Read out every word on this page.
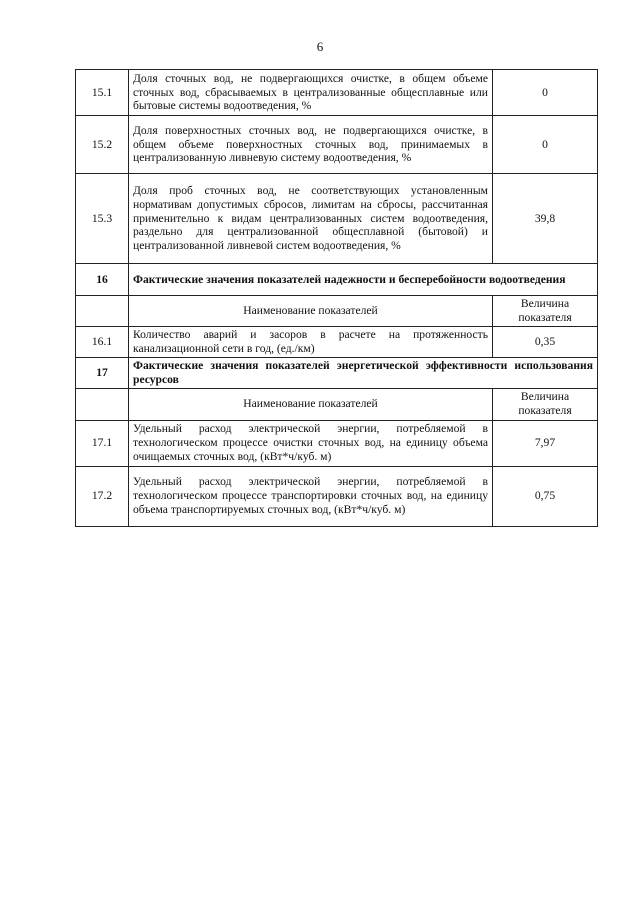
6
15.1	Доля сточных вод, не подвергающихся очистке, в общем объеме сточных вод, сбрасываемых в централизованные общесплавные или бытовые системы водоотведения, %	0
15.2	Доля поверхностных сточных вод, не подвергающихся очистке, в общем объеме поверхностных сточных вод, принимаемых в централизованную ливневую систему водоотведения, %	0
15.3	Доля проб сточных вод, не соответствующих установленным нормативам допустимых сбросов, лимитам на сбросы, рассчитанная применительно к видам централизованных систем водоотведения, раздельно для централизованной общесплавной (бытовой) и централизованной ливневой систем водоотведения, %	39,8
16	Фактические значения показателей надежности и бесперебойности водоотведения	
	Наименование показателей	Величина показателя
16.1	Количество аварий и засоров в расчете на протяженность канализационной сети в год, (ед./км)	0,35
17	Фактические значения показателей энергетической эффективности использования ресурсов	
	Наименование показателей	Величина показателя
17.1	Удельный расход электрической энергии, потребляемой в технологическом процессе очистки сточных вод, на единицу объема очищаемых сточных вод, (кВт*ч/куб. м)	7,97
17.2	Удельный расход электрической энергии, потребляемой в технологическом процессе транспортировки сточных вод, на единицу объема транспортируемых сточных вод, (кВт*ч/куб. м)	0,75
